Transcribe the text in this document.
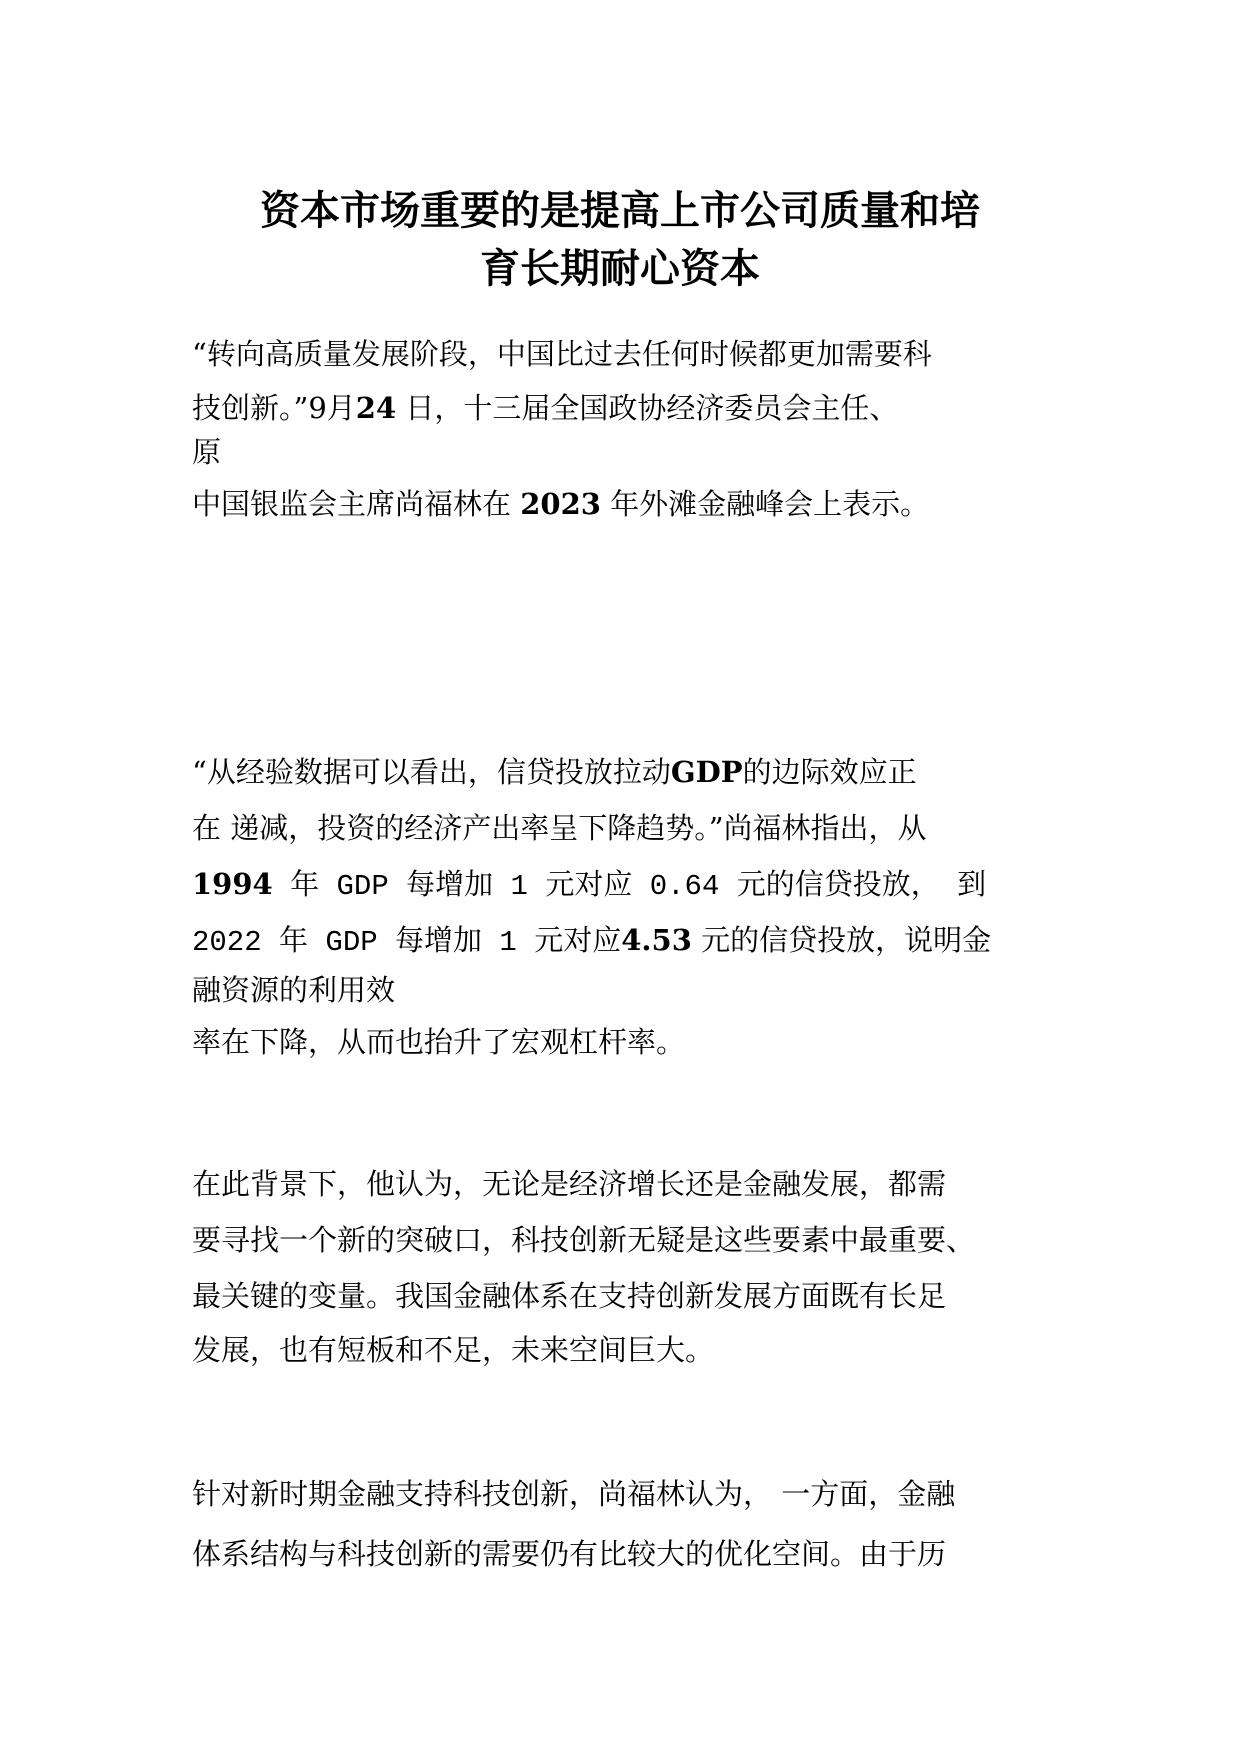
资本市场重要的是提高上市公司质量和培
育长期耐心资本
“转向高质量发展阶段，中国比过去任何时候都更加需要科
技创新。”9月24 日，十三届全国政协经济委员会主任、
原
中国银监会主席尚福林在 2023 年外滩金融峰会上表示。
“从经验数据可以看出，信贷投放拉动GDP的边际效应正
在 递减，投资的经济产出率呈下降趋势。”尚福林指出，从
1994 年 GDP 每增加 1 元对应 0.64 元的信贷投放， 到
2022 年 GDP 每增加 1 元对应4.53 元的信贷投放，说明金
融资源的利用效
率在下降，从而也抬升了宏观杠杆率。
在此背景下，他认为，无论是经济增长还是金融发展，都需
要寻找一个新的突破口，科技创新无疑是这些要素中最重要、
最关键的变量。我国金融体系在支持创新发展方面既有长足
发展，也有短板和不足，未来空间巨大。
针对新时期金融支持科技创新，尚福林认为， 一方面，金融
体系结构与科技创新的需要仍有比较大的优化空间。由于历
